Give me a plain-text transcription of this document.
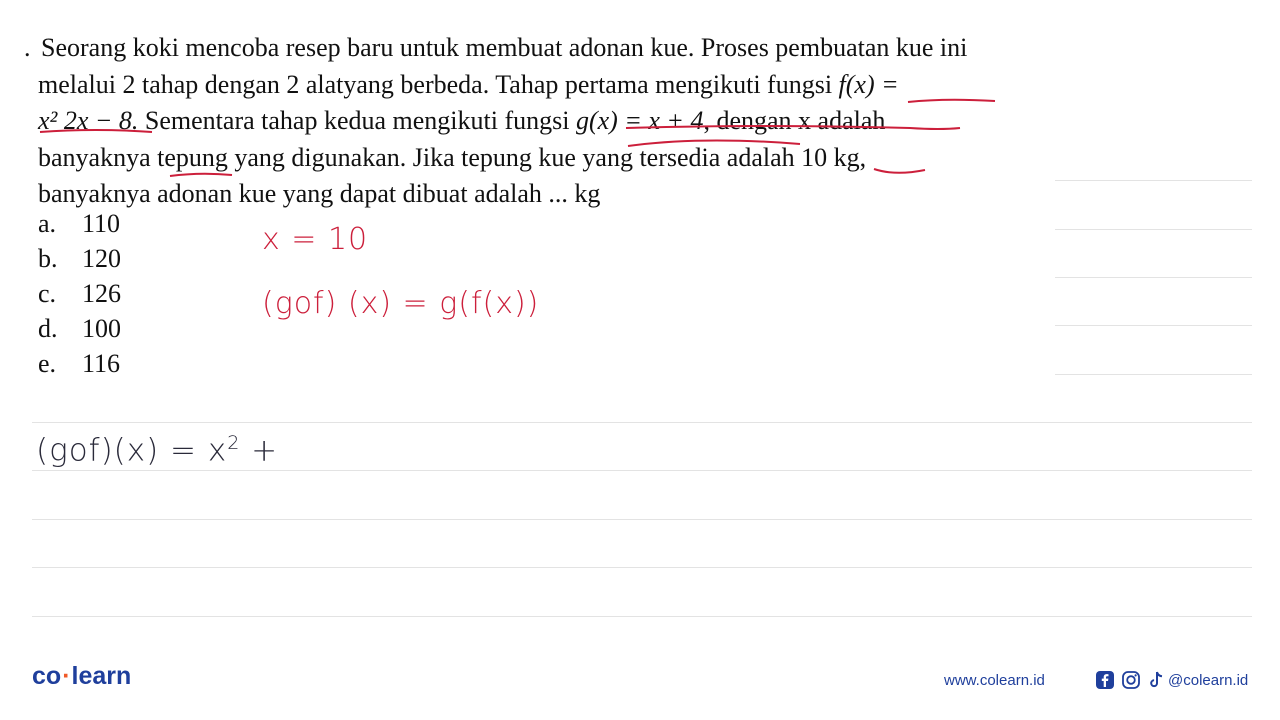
. Seorang koki mencoba resep baru untuk membuat adonan kue. Proses pembuatan kue ini
melalui 2 tahap dengan 2 alatyang berbeda. Tahap pertama mengikuti fungsi f(x) =
x² 2x − 8. Sementara tahap kedua mengikuti fungsi g(x) = x + 4, dengan x adalah
banyaknya tepung yang digunakan. Jika tepung kue yang tersedia adalah 10 kg,
banyaknya adonan kue yang dapat dibuat adalah ... kg
a. 110
b. 120
c. 126
d. 100
e. 116
x = 10
(gof) (x) = g(f(x))
$(gof)(x) = x^2$ +
co·learn	www.colearn.id	@colearn.id
